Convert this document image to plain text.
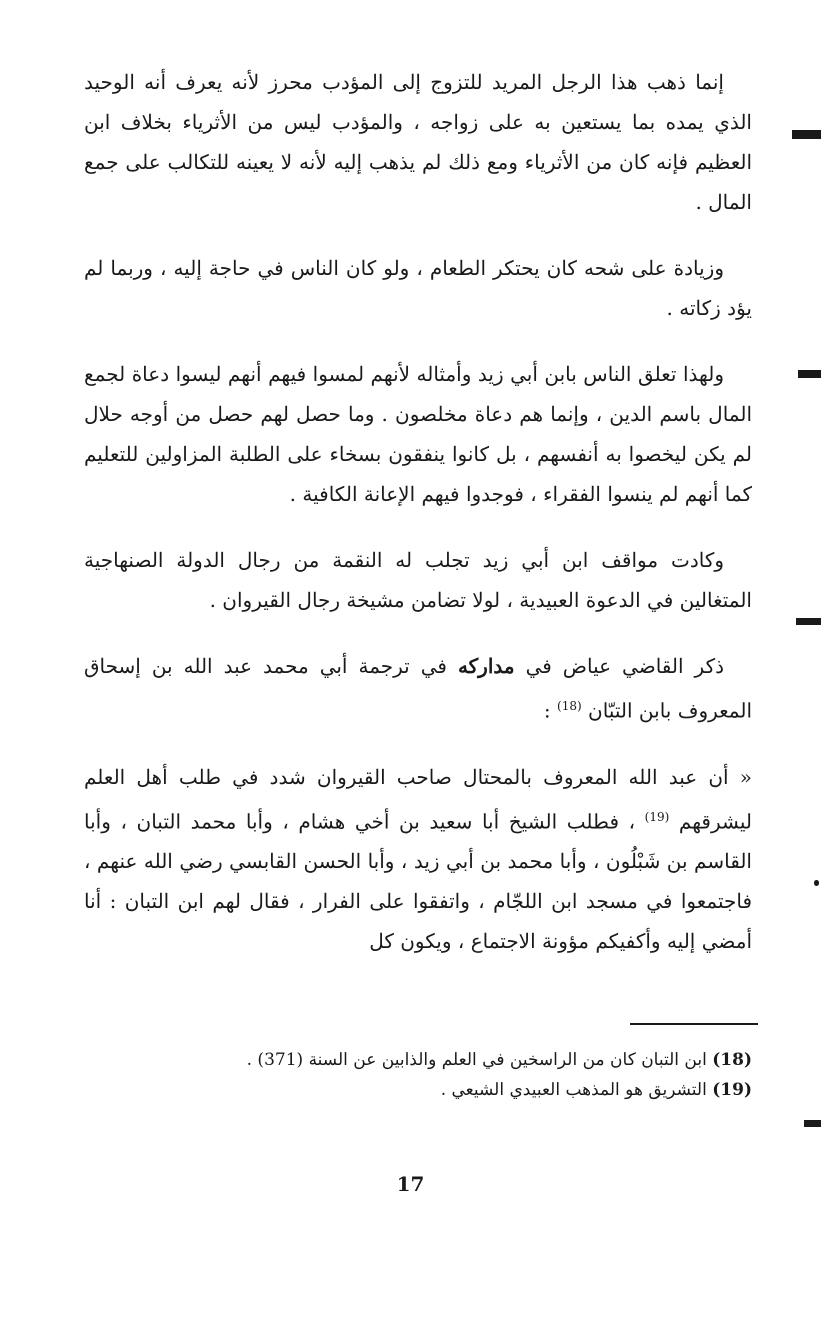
إنما ذهب هذا الرجل المريد للتزوج إلى المؤدب محرز لأنه يعرف أنه الوحيد الذي يمده بما يستعين به على زواجه ، والمؤدب ليس من الأثرياء بخلاف ابن العظيم فإنه كان من الأثرياء ومع ذلك لم يذهب إليه لأنه لا يعينه للتكالب على جمع المال .

وزيادة على شحه كان يحتكر الطعام ، ولو كان الناس في حاجة إليه ، وربما لم يؤد زكاته .

ولهذا تعلق الناس بابن أبي زيد وأمثاله لأنهم لمسوا فيهم أنهم ليسوا دعاة لجمع المال باسم الدين ، وإنما هم دعاة مخلصون . وما حصل لهم حصل من أوجه حلال لم يكن ليخصوا به أنفسهم ، بل كانوا ينفقون بسخاء على الطلبة المزاولين للتعليم كما أنهم لم ينسوا الفقراء ، فوجدوا فيهم الإعانة الكافية .

وكادت مواقف ابن أبي زيد تجلب له النقمة من رجال الدولة الصنهاجية المتغالين في الدعوة العبيدية ، لولا تضامن مشيخة رجال القيروان .

ذكر القاضي عياض في مداركه في ترجمة أبي محمد عبد الله بن إسحاق المعروف بابن التبّان $^{(18)}$ :

« أن عبد الله المعروف بالمحتال صاحب القيروان شدد في طلب أهل العلم ليشرقهم $^{(19)}$ ، فطلب الشيخ أبا سعيد بن أخي هشام ، وأبا محمد التبان ، وأبا القاسم بن شَبْلُون ، وأبا محمد بن أبي زيد ، وأبا الحسن القابسي رضي الله عنهم ، فاجتمعوا في مسجد ابن اللجّام ، واتفقوا على الفرار ، فقال لهم ابن التبان : أنا أمضي إليه وأكفيكم مؤونة الاجتماع ، ويكون كل

(18) ابن التبان كان من الراسخين في العلم والذابين عن السنة (371) .

(19) التشريق هو المذهب العبيدي الشيعي .

17
